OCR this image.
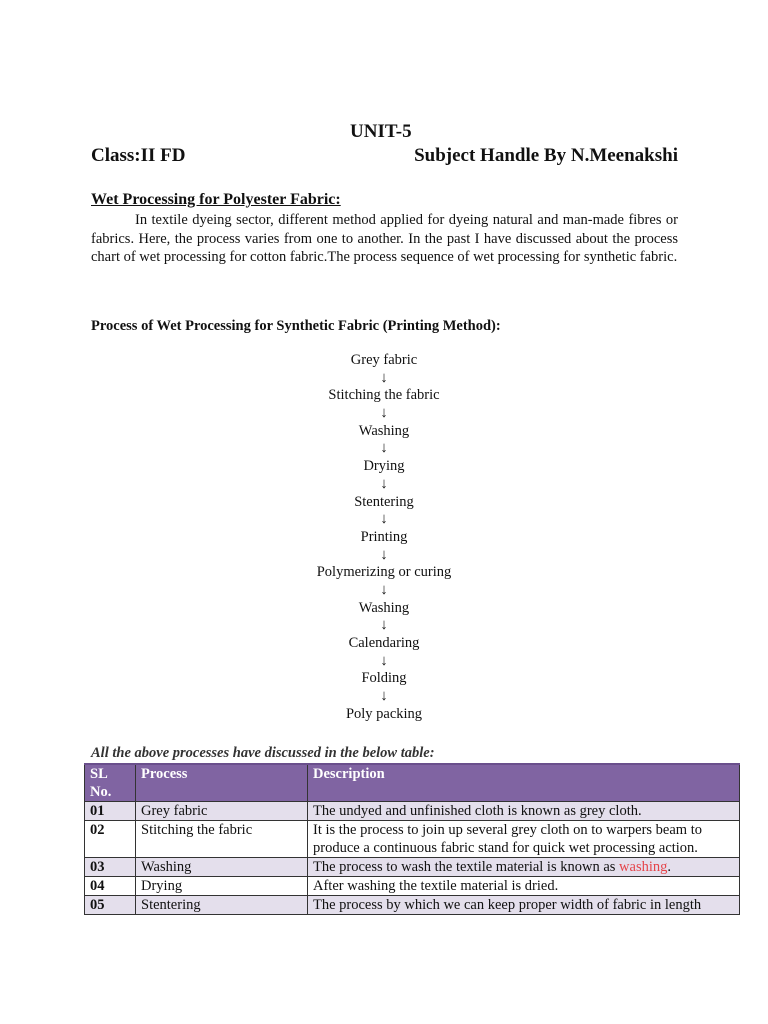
UNIT-5
Class:II FD	Subject Handle By N.Meenakshi
Wet Processing for Polyester Fabric:
In textile dyeing sector, different method applied for dyeing natural and man-made fibres or fabrics. Here, the process varies from one to another. In the past I have discussed about the process chart of wet processing for cotton fabric.The process sequence of wet processing for synthetic fabric.
Process of Wet Processing for Synthetic Fabric (Printing Method):
Grey fabric
↓
Stitching the fabric
↓
Washing
↓
Drying
↓
Stentering
↓
Printing
↓
Polymerizing or curing
↓
Washing
↓
Calendaring
↓
Folding
↓
Poly packing
All the above processes have discussed in the below table:
SL No.	Process	Description
01	Grey fabric	The undyed and unfinished cloth is known as grey cloth.
02	Stitching the fabric	It is the process to join up several grey cloth on to warpers beam to produce a continuous fabric stand for quick wet processing action.
03	Washing	The process to wash the textile material is known as washing.
04	Drying	After washing the textile material is dried.
05	Stentering	The process by which we can keep proper width of fabric in length
